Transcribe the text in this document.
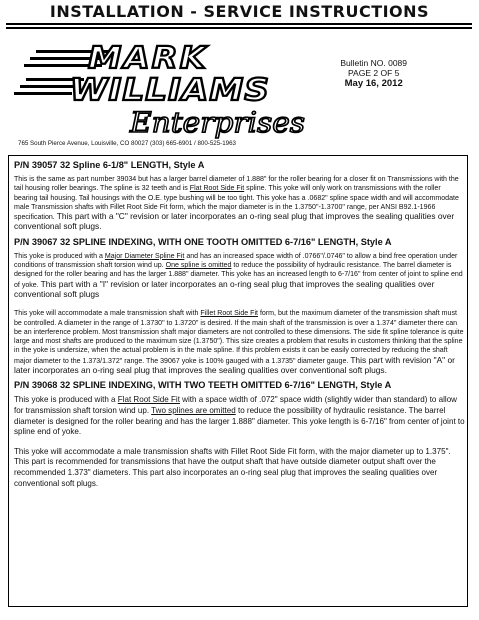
INSTALLATION - SERVICE INSTRUCTIONS
MARK
WILLIAMS
Enterprises
765 South Pierce Avenue, Louisville, CO 80027 (303) 665-6901 / 800-525-1963
Bulletin NO. 0089
PAGE 2 OF 5
May 16, 2012
P/N 39057 32 Spline 6-1/8" LENGTH, Style A

This is the same as part number 39034 but has a larger barrel diameter of 1.888" for the roller bearing for a closer fit on Transmissions with the tail housing roller bearings. The spline is 32 teeth and is Flat Root Side Fit spline. This yoke will only work on transmissions with the roller bearing tail housing. Tail housings with the O.E. type bushing will be too tight. This yoke has a .0682" spline space width and will accommodate male Transmission shafts with Fillet Root Side Fit form, which the major diameter is in the 1.3750"-1.3700" range, per ANSI B92.1-1966 specification. This part with a "C" revision or later incorporates an o-ring seal plug that improves the sealing qualities over conventional soft plugs.

P/N 39067 32 SPLINE INDEXING, WITH ONE TOOTH OMITTED 6-7/16" LENGTH, Style A

This yoke is produced with a Major Diameter Spline Fit and has an increased space width of .0766"/.0746" to allow a bind free operation under conditions of transmission shaft torsion wind up. One spline is omitted to reduce the possibility of hydraulic resistance. The barrel diameter is designed for the roller bearing and has the larger 1.888" diameter. This yoke has an increased length to 6-7/16" from center of joint to spline end of yoke. This part with a "I" revision or later incorporates an o-ring seal plug that improves the sealing qualities over conventional soft plugs

This yoke will accommodate a male transmission shaft with Fillet Root Side Fit form, but the maximum diameter of the transmission shaft must be controlled. A diameter in the range of 1.3730" to 1.3720" is desired. If the main shaft of the transmission is over a 1.374" diameter there can be an interference problem. Most transmission shaft major diameters are not controlled to these dimensions. The side fit spline tolerance is quite large and most shafts are produced to the maximum size (1.3750"). This size creates a problem that results in customers thinking that the spline in the yoke is undersize, when the actual problem is in the male spline. If this problem exists it can be easily corrected by reducing the shaft major diameter to the 1.373/1.372" range. The 39067 yoke is 100% gauged with a 1.3735" diameter gauge. This part with revision "A" or later incorporates an o-ring seal plug that improves the sealing qualities over conventional soft plugs.

P/N 39068 32 SPLINE INDEXING, WITH TWO TEETH OMITTED 6-7/16" LENGTH, Style A

This yoke is produced with a Flat Root Side Fit with a space width of .072" space width (slightly wider than standard) to allow for transmission shaft torsion wind up. Two splines are omitted to reduce the possibility of hydraulic resistance. The barrel diameter is designed for the roller bearing and has the larger 1.888" diameter. This yoke length is 6-7/16" from center of joint to spline end of yoke.

This yoke will accommodate a male transmission shafts with Fillet Root Side Fit form, with the major diameter up to 1.375". This part is recommended for transmissions that have the output shaft that have outside diameter output shaft over the recommended 1.373" diameters. This part also incorporates an o-ring seal plug that improves the sealing qualities over conventional soft plugs.
